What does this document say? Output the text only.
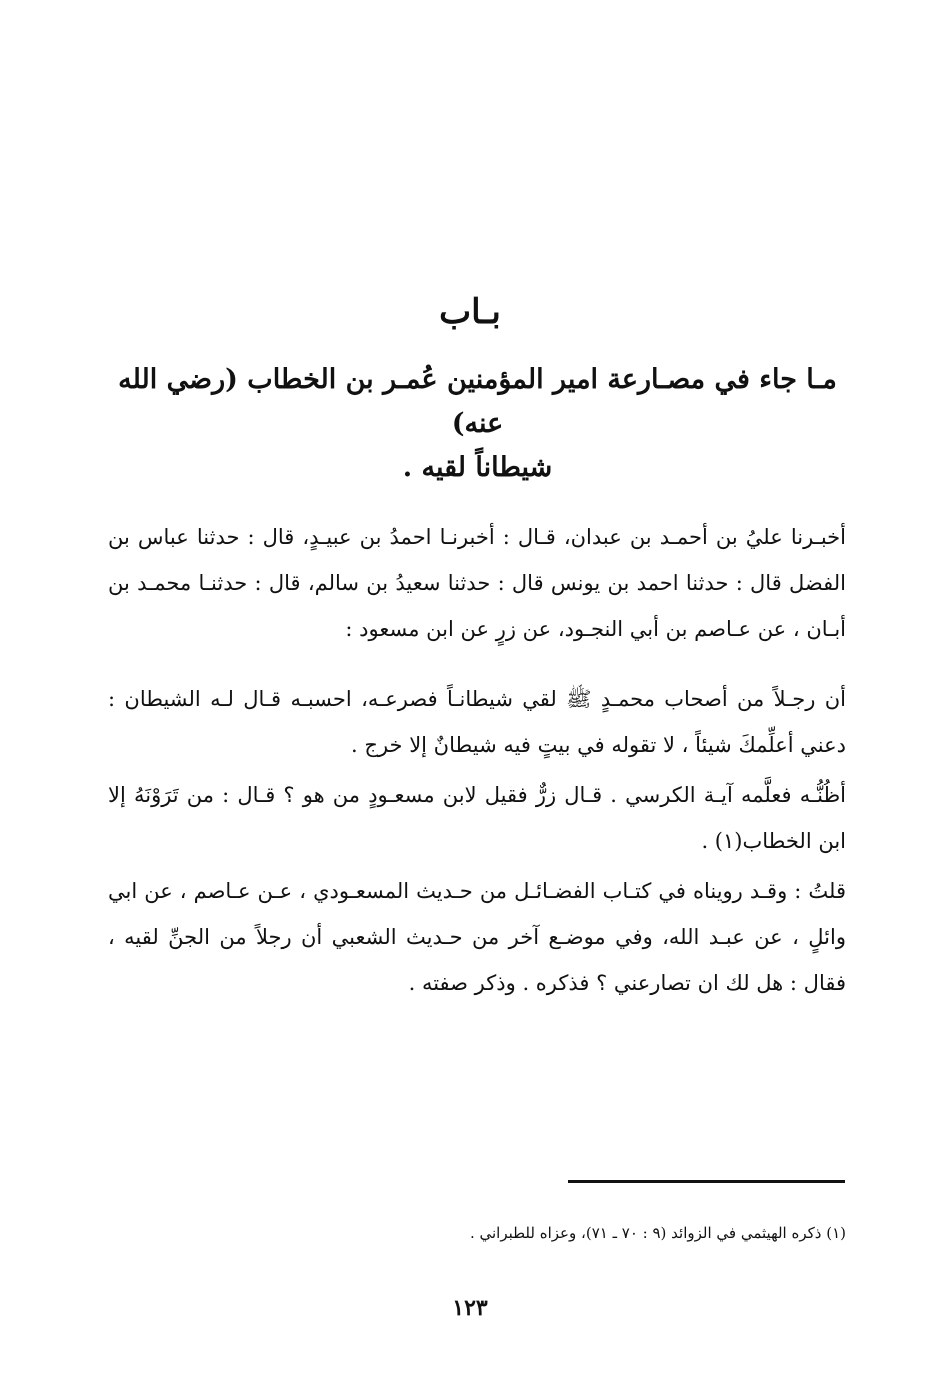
بـاب
مـا جاء في مصـارعة امير المؤمنين عُمـر بن الخطاب (رضي الله عنه)
شيطاناً لقيه .

أخبـرنا عليُ بن أحمـد بن عبدان، قـال : أخبرنـا احمدُ بن عبيـدٍ، قال : حدثنا عباس بن الفضل قال : حدثنا احمد بن يونس قال : حدثنا سعيدُ بن سالم، قال : حدثنـا محمـد بن أبـان ، عن عـاصم بن أبي النجـود، عن زرٍ عن ابن مسعود :

أن رجـلاً من أصحاب محمـدٍ ﷺ لقي شيطانـاً فصرعـه، احسبـه قـال لـه الشيطان : دعني أعلِّمكَ شيئاً ، لا تقوله في بيتٍ فيه شيطانٌ إلا خرج .

أظُنُّـه فعلَّمه آيـة الكرسي . قـال زرٌّ فقيل لابن مسعـودٍ من هو ؟ قـال : من تَرَوْنَهُ إلا ابن الخطاب(١) .

قلتُ : وقـد رويناه في كتـاب الفضـائـل من حـديث المسعـودي ، عـن عـاصم ، عن ابي وائلٍ ، عن عبـد الله، وفي موضـع آخر من حـديث الشعبي أن رجلاً من الجنِّ لقيه ، فقال : هل لك ان تصارعني ؟ فذكره . وذكر صفته .

(١) ذكره الهيثمي في الزوائد (٩ : ٧٠ ـ ٧١)، وعزاه للطبراني .

١٢٣
